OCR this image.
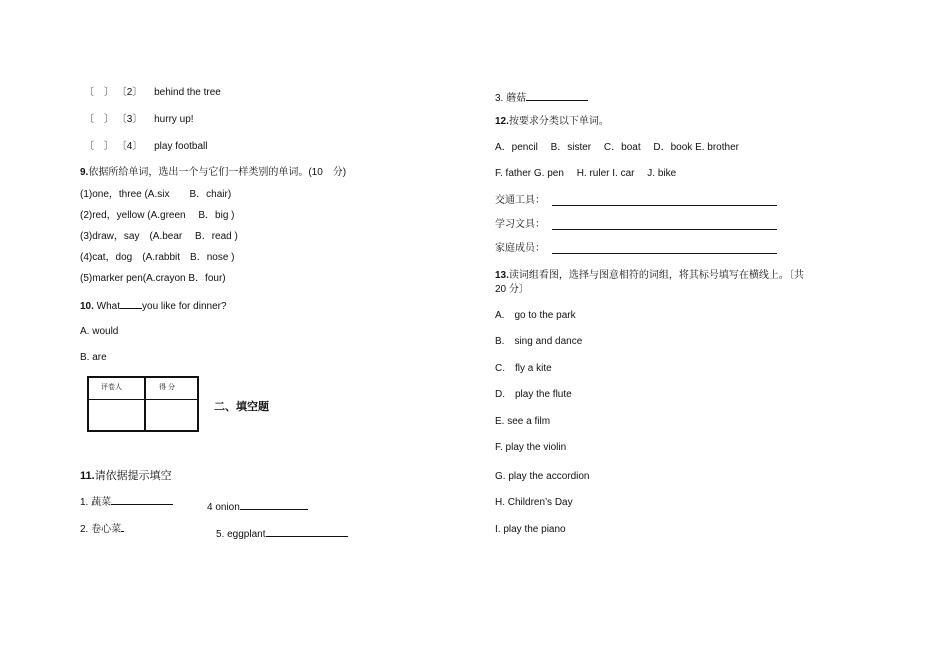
〔　 〕 〔2〕　 behind the tree
〔　 〕 〔3〕　 hurry up!
〔　 〕 〔4〕　 play football
9.依据所给单词，选出一个与它们一样类别的单词。(10　分)
(1)one，three (A.six　　B．chair)
(2)red，yellow (A.green　 B．big )
(3)draw，say　(A.bear　 B．read )
(4)cat，dog　(A.rabbit　B．nose )
(5)marker pen(A.crayon B．four)
10. What you like for dinner?
A. would
B. are
评卷人	得 分
二、填空题
11.请依据提示填空
1. 蔬菜
2. 卷心菜
4 onion
5. eggplant
3. 蘑菇
12.按要求分类以下单词。
A．pencil　 B．sister　 C．boat　 D．book E. brother
F. father G. pen　 H. ruler I. car　 J. bike
交通工具：
学习文具：
家庭成员：
13.读词组看图，选择与图意相符的词组，将其标号填写在横线上。〔共
20 分〕
A.　go to the park
B.　sing and dance
C.　fly a kite
D.　play the flute
E. see a film
F. play the violin
G. play the accordion
H. Children’s Day
I. play the piano
